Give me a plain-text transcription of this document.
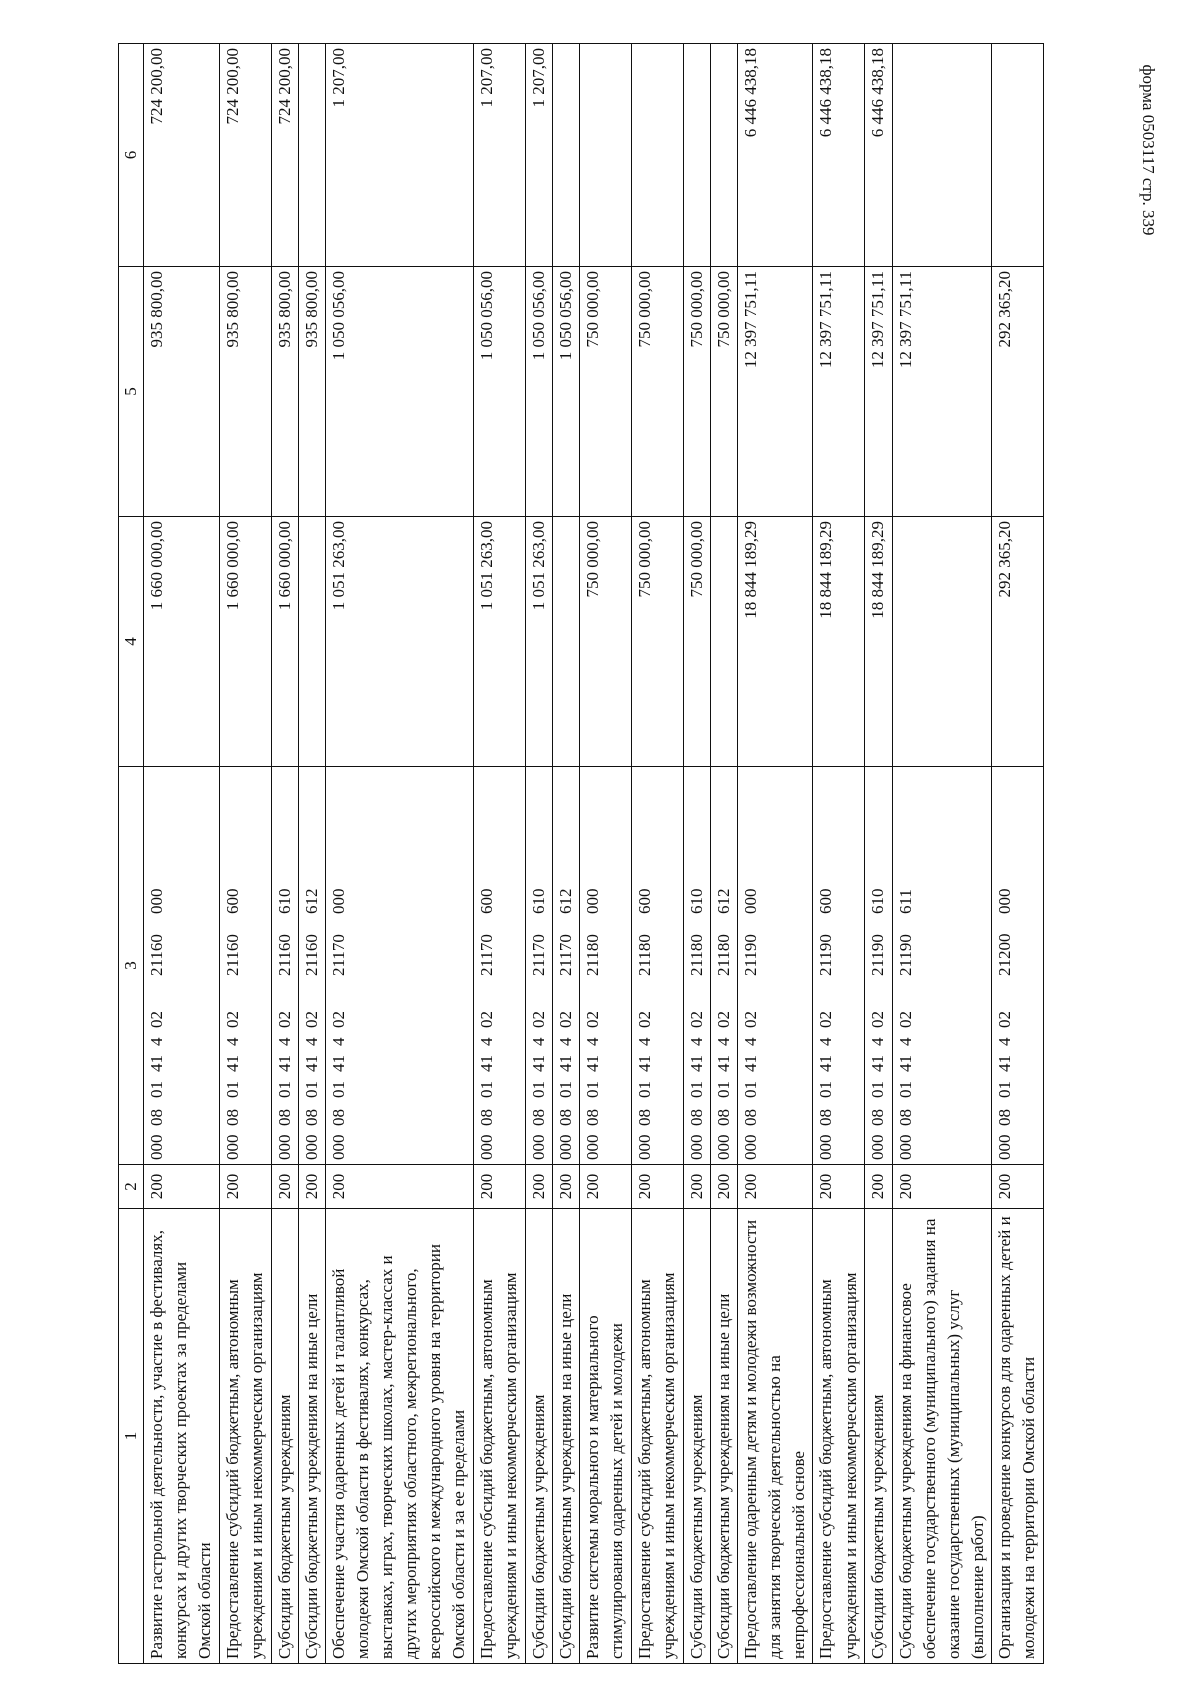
форма 0503117 стр. 339
1	2	3	4	5	6
Развитие гастрольной деятельности, участие в фестивалях, конкурсах и других творческих проектах за пределами Омской области	200	00008014140221160000	1 660 000,00	935 800,00	724 200,00
Предоставление субсидий бюджетным, автономным учреждениям и иным некоммерческим организациям	200	00008014140221160600	1 660 000,00	935 800,00	724 200,00
Субсидии бюджетным учреждениям	200	00008014140221160610	1 660 000,00	935 800,00	724 200,00
Субсидии бюджетным учреждениям на иные цели	200	00008014140221160612		935 800,00	
Обеспечение участия одаренных детей и талантливой молодежи Омской области в фестивалях, конкурсах, выставках, играх, творческих школах, мастер-классах и других мероприятиях областного, межрегионального, всероссийского и международного уровня на территории Омской области и за ее пределами	200	00008014140221170000	1 051 263,00	1 050 056,00	1 207,00
Предоставление субсидий бюджетным, автономным учреждениям и иным некоммерческим организациям	200	00008014140221170600	1 051 263,00	1 050 056,00	1 207,00
Субсидии бюджетным учреждениям	200	00008014140221170610	1 051 263,00	1 050 056,00	1 207,00
Субсидии бюджетным учреждениям на иные цели	200	00008014140221170612		1 050 056,00	
Развитие системы морального и материального стимулирования одаренных детей и молодежи	200	00008014140221180000	750 000,00	750 000,00	
Предоставление субсидий бюджетным, автономным учреждениям и иным некоммерческим организациям	200	00008014140221180600	750 000,00	750 000,00	
Субсидии бюджетным учреждениям	200	00008014140221180610	750 000,00	750 000,00	
Субсидии бюджетным учреждениям на иные цели	200	00008014140221180612		750 000,00	
Предоставление одаренным детям и молодежи возможности для занятия творческой деятельностью на непрофессиональной основе	200	00008014140221190000	18 844 189,29	12 397 751,11	6 446 438,18
Предоставление субсидий бюджетным, автономным учреждениям и иным некоммерческим организациям	200	00008014140221190600	18 844 189,29	12 397 751,11	6 446 438,18
Субсидии бюджетным учреждениям	200	00008014140221190610	18 844 189,29	12 397 751,11	6 446 438,18
Субсидии бюджетным учреждениям на финансовое обеспечение государственного (муниципального) задания на оказание государственных (муниципальных) услуг (выполнение работ)	200	00008014140221190611		12 397 751,11	
Организация и проведение конкурсов для одаренных детей и молодежи на территории Омской области	200	00008014140221200000	292 365,20	292 365,20	
